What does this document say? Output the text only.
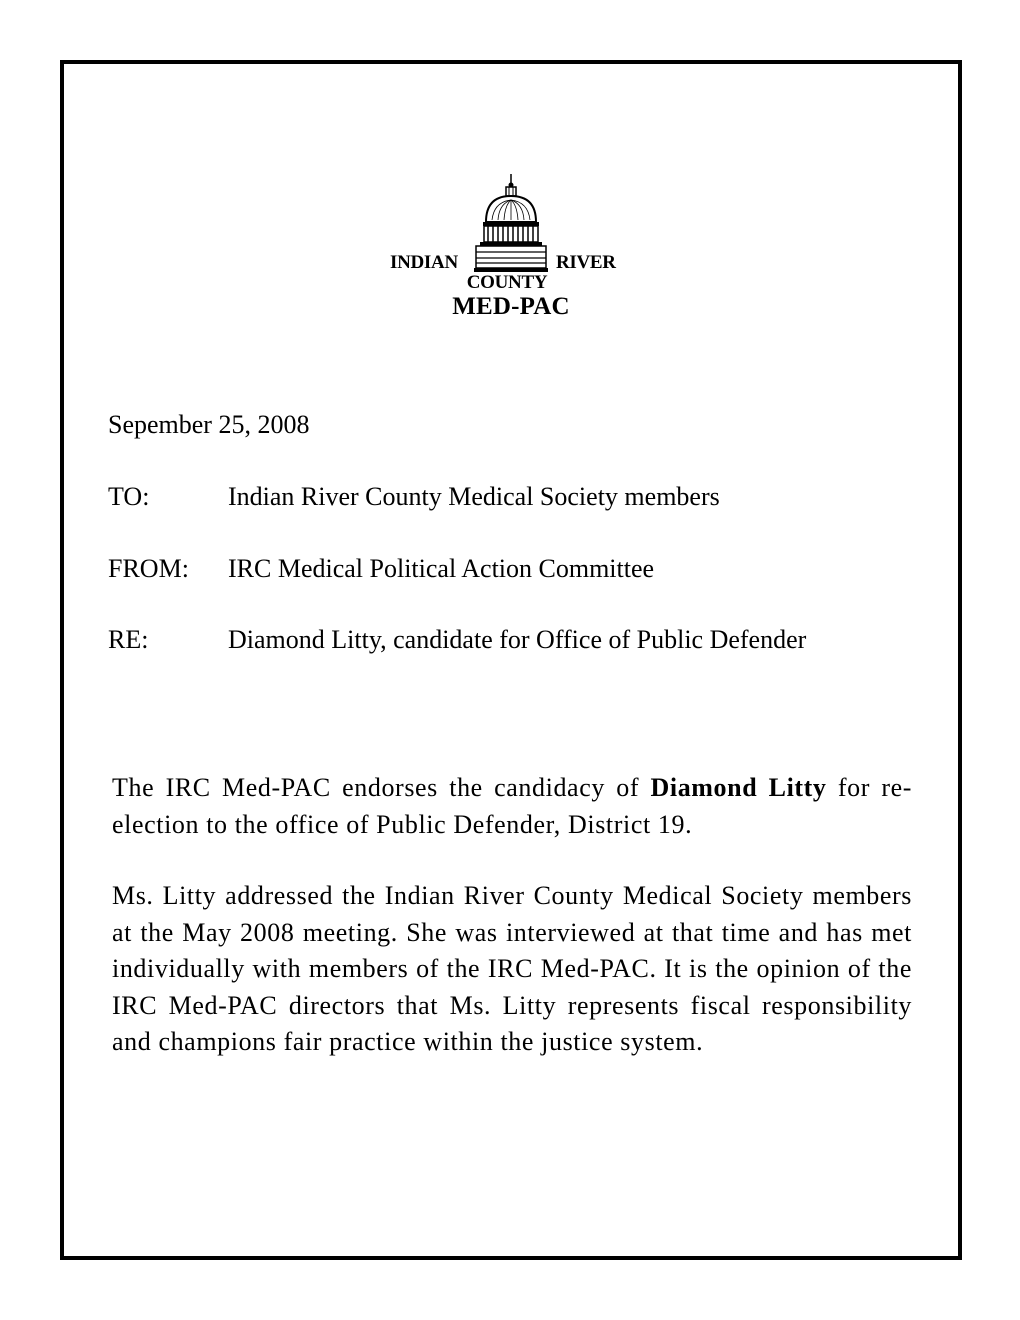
INDIAN	RIVER
COUNTY
MED-PAC
Sepember 25, 2008
TO:	Indian River County Medical Society members
FROM: IRC Medical Political Action Committee
RE:	Diamond Litty, candidate for Office of Public Defender
The IRC Med-PAC endorses the candidacy of Diamond Litty for re-election to the office of Public Defender, District 19.
Ms. Litty addressed the Indian River County Medical Society members at the May 2008 meeting. She was interviewed at that time and has met individually with members of the IRC Med-PAC. It is the opinion of the IRC Med-PAC directors that Ms. Litty represents fiscal responsibility and champions fair practice within the justice system.
